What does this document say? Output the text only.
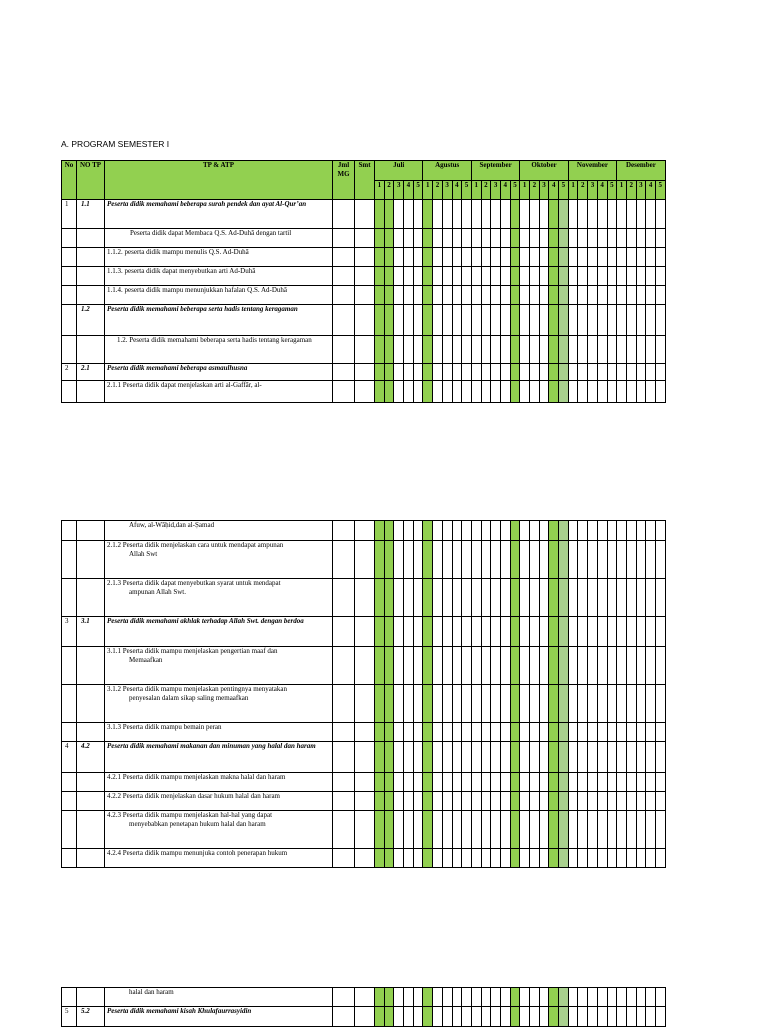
A. PROGRAM SEMESTER I
No	NO TP	TP & ATP	Jml MG	Smt	Juli					Agustus					September					Oktober					November					Desember				
					1	2	3	4	5	1	2	3	4	5	1	2	3	4	5	1	2	3	4	5	1	2	3	4	5	1	2	3	4	5
1	1.1	Peserta didik memahami beberapa surah pendek dan ayat Al-Qur’an																																

		Peserta didik dapat Membaca Q.S. Ad-Duhā dengan tartil																																

		1.1.2. peserta didik mampu menulis Q.S. Ad-Duhā																																

		1.1.3. peserta didik dapat menyebutkan arti Ad-Duhā																																

		1.1.4. peserta didik mampu menunjukkan hafalan Q.S. Ad-Duhā																																

	1.2	Peserta didik memahami beberapa serta hadis tentang keragaman																																

		1.2. Peserta didik memahami beberapa serta hadis tentang keragaman																																

2	2.1	Peserta didik memahami beberapa asmaulhusna																																

		2.1.1 Peserta didik dapat menjelaskan arti al-Gaffār, al-																																

		Afuw, al-Wāḥid,dan al-Ṣamad																																

		2.1.2 Peserta didik menjelaskan cara untuk mendapat ampunan
Allah Swt																																

		2.1.3 Peserta didik dapat menyebutkan syarat untuk mendapat
ampunan Allah Swt.																																

3	3.1	Peserta didik memahami akhlak terhadap Allah Swt. dengan berdoa																																

		3.1.1 Peserta didik mampu menjelaskan pengertian maaf dan
Memaafkan																																

		3.1.2 Peserta didik mampu menjelaskan pentingnya menyatakan
penyesalan dalam sikap saling memaafkan																																

		3.1.3 Peserta didik mampu bemain peran																																

4	4.2	Peserta didik memahami makanan dan minuman yang halal dan haram																																

		4.2.1 Peserta didik mampu menjelaskan makna halal dan haram																																

		4.2.2 Peserta didik menjelaskan dasar hukum halal dan haram																																

		4.2.3 Peserta didik mampu menjelaskan hal-hal yang dapat
menyebabkan penetapan hukum halal dan haram																																

		4.2.4 Peserta didik mampu menunjuka contoh penerapan hukum																																

		halal dan haram																																

5	5.2	Peserta didik memahami kisah Khulafaurrasyidin																																
